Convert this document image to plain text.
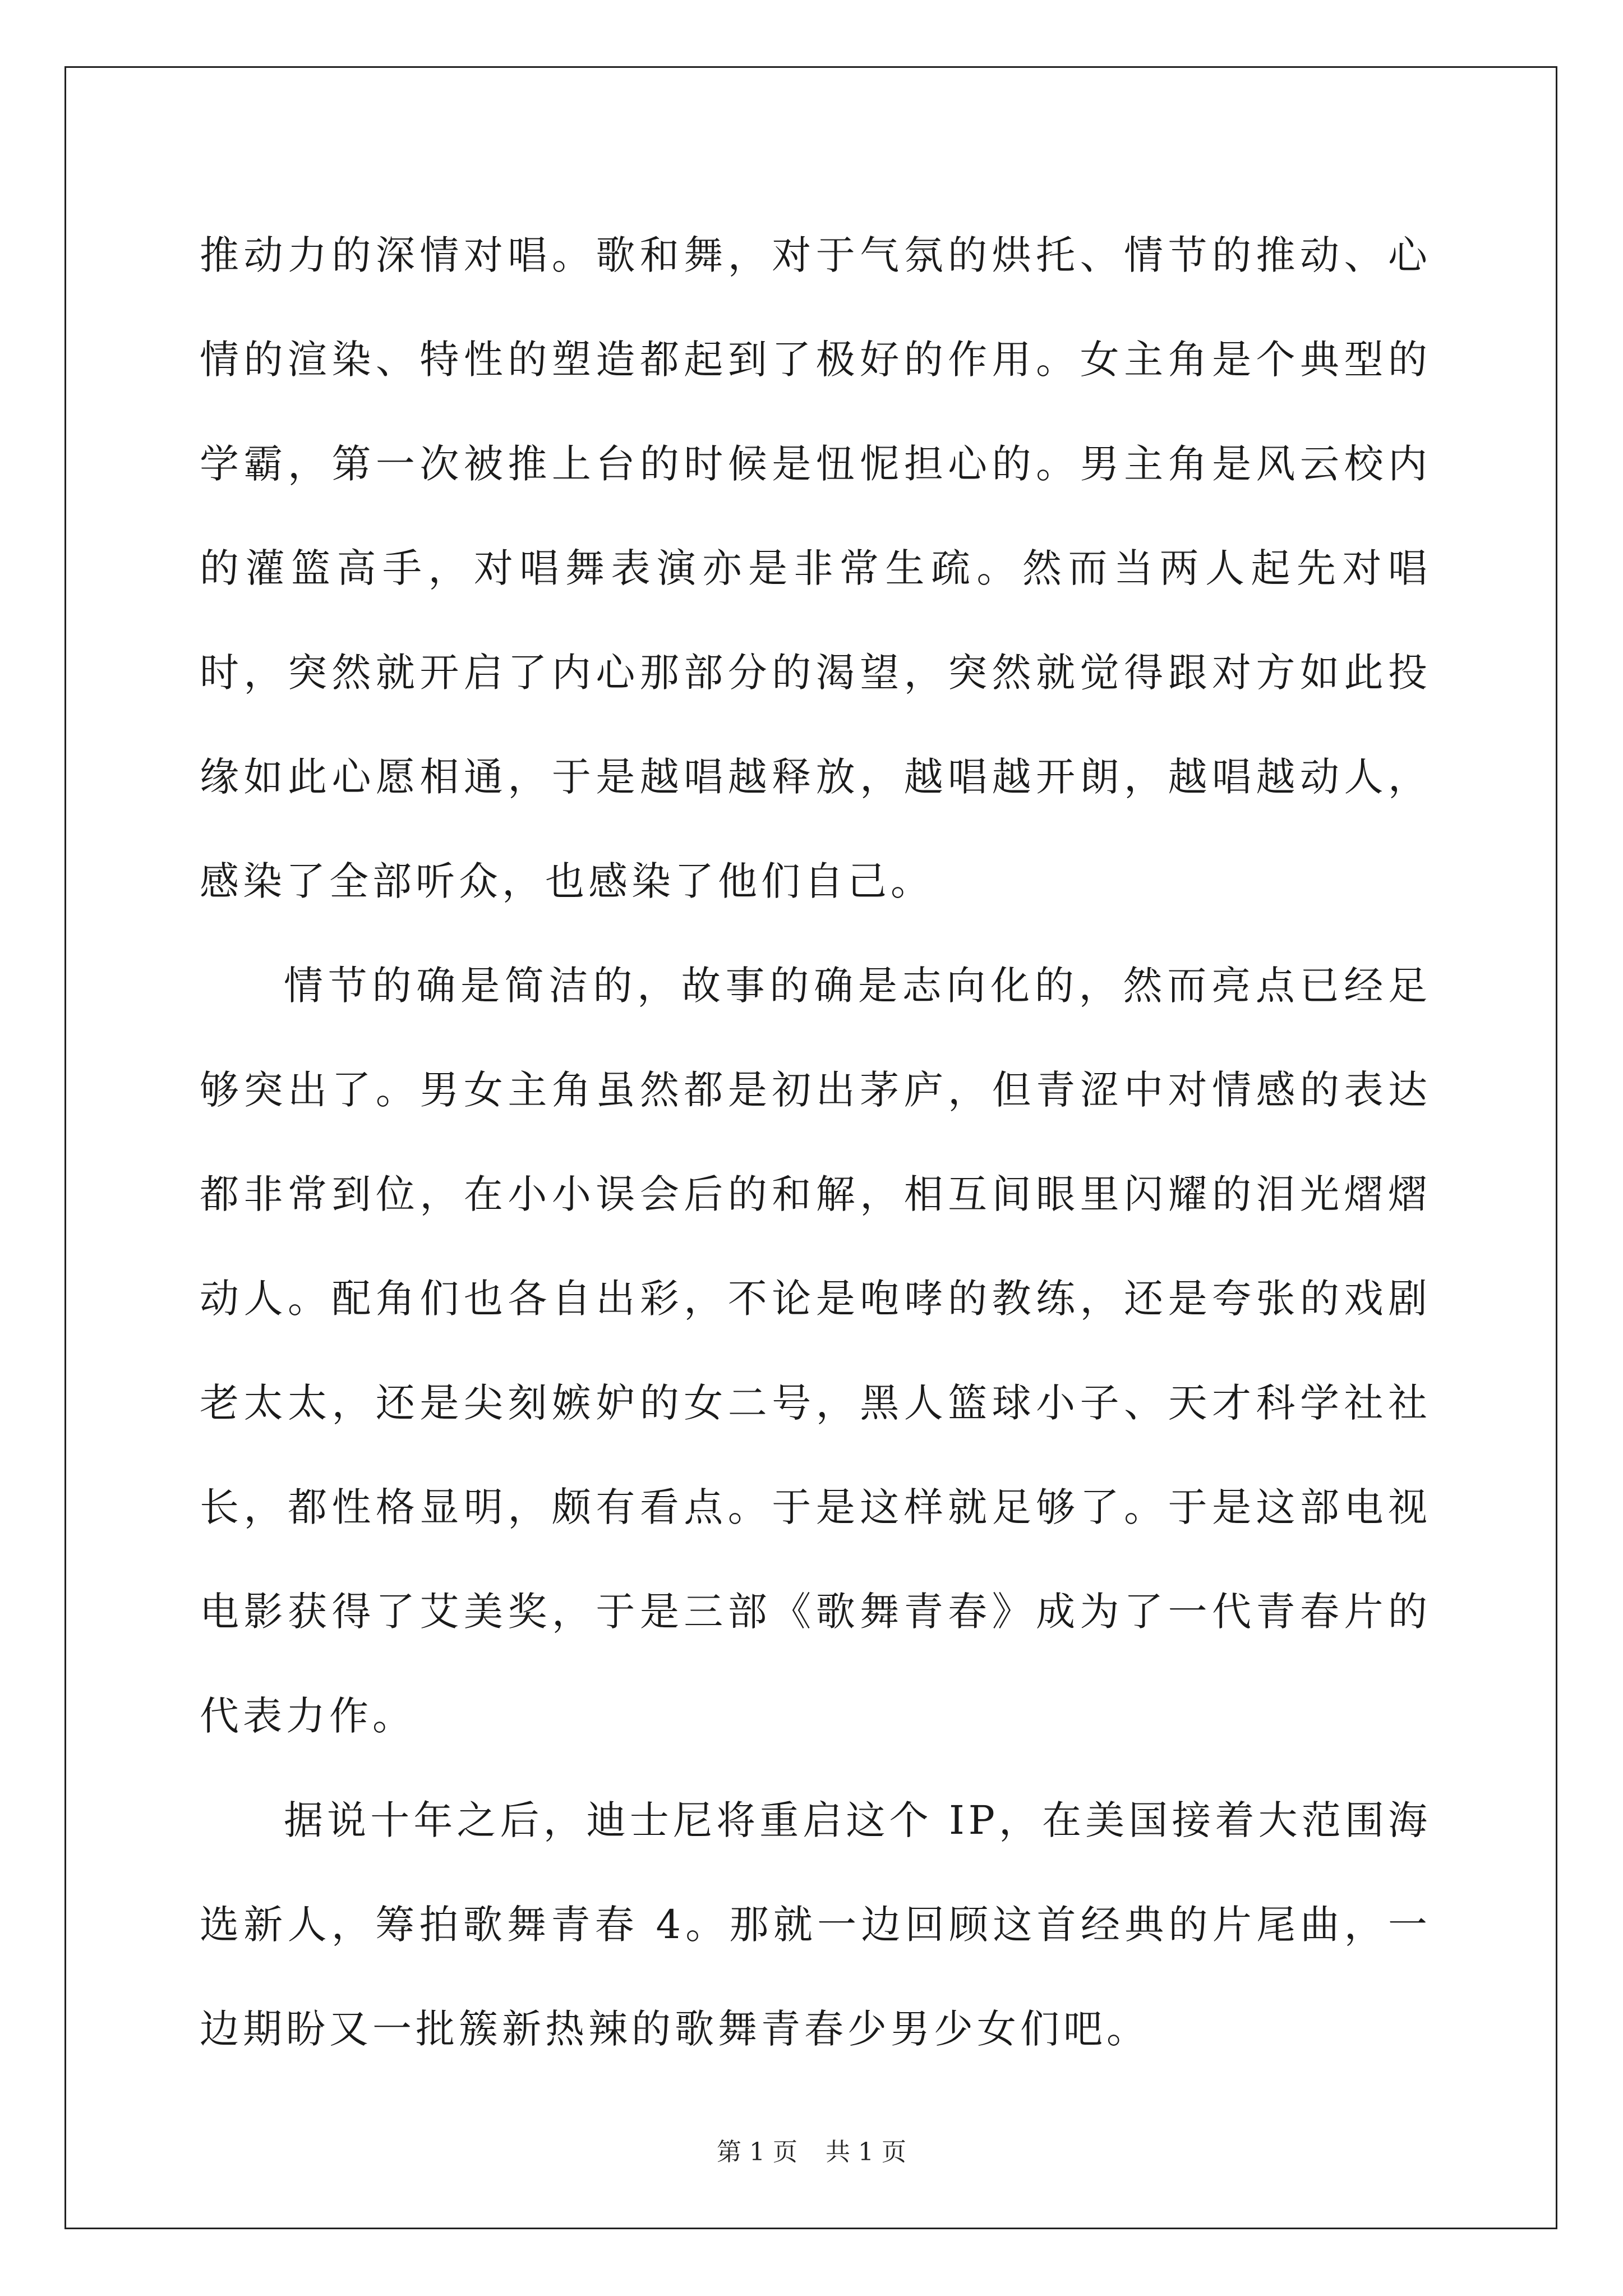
推动力的深情对唱。歌和舞，对于气氛的烘托、情节的推动、心情的渲染、特性的塑造都起到了极好的作用。女主角是个典型的学霸，第一次被推上台的时候是忸怩担心的。男主角是风云校内的灌篮高手，对唱舞表演亦是非常生疏。然而当两人起先对唱时，突然就开启了内心那部分的渴望，突然就觉得跟对方如此投缘如此心愿相通，于是越唱越释放，越唱越开朗，越唱越动人，感染了全部听众，也感染了他们自己。

情节的确是简洁的，故事的确是志向化的，然而亮点已经足够突出了。男女主角虽然都是初出茅庐，但青涩中对情感的表达都非常到位，在小小误会后的和解，相互间眼里闪耀的泪光熠熠动人。配角们也各自出彩，不论是咆哮的教练，还是夸张的戏剧老太太，还是尖刻嫉妒的女二号，黑人篮球小子、天才科学社社长，都性格显明，颇有看点。于是这样就足够了。于是这部电视电影获得了艾美奖，于是三部《歌舞青春》成为了一代青春片的代表力作。

据说十年之后，迪士尼将重启这个 IP，在美国接着大范围海选新人，筹拍歌舞青春 4。那就一边回顾这首经典的片尾曲，一边期盼又一批簇新热辣的歌舞青春少男少女们吧。

第 1 页 共 1 页
